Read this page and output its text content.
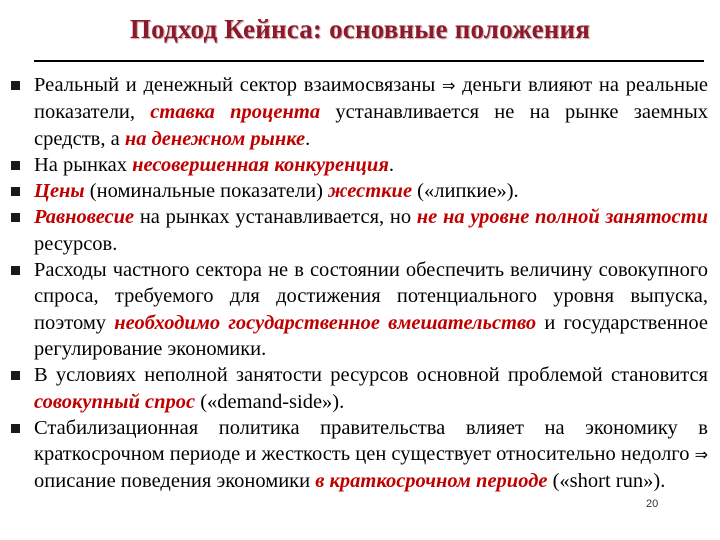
Подход Кейнса: основные положения
Реальный и денежный сектор взаимосвязаны ⇒ деньги влияют на реальные показатели, ставка процента устанавливается не на рынке заемных средств, а на денежном рынке.
На рынках несовершенная конкуренция.
Цены (номинальные показатели) жесткие («липкие»).
Равновесие на рынках устанавливается, но не на уровне полной занятости ресурсов.
Расходы частного сектора не в состоянии обеспечить величину совокупного спроса, требуемого для достижения потенциального уровня выпуска, поэтому необходимо государственное вмешательство и государственное регулирование экономики.
В условиях неполной занятости ресурсов основной проблемой становится совокупный спрос («demand-side»).
Стабилизационная политика правительства влияет на экономику в краткосрочном периоде и жесткость цен существует относительно недолго ⇒ описание поведения экономики в краткосрочном периоде («short run»).
20
